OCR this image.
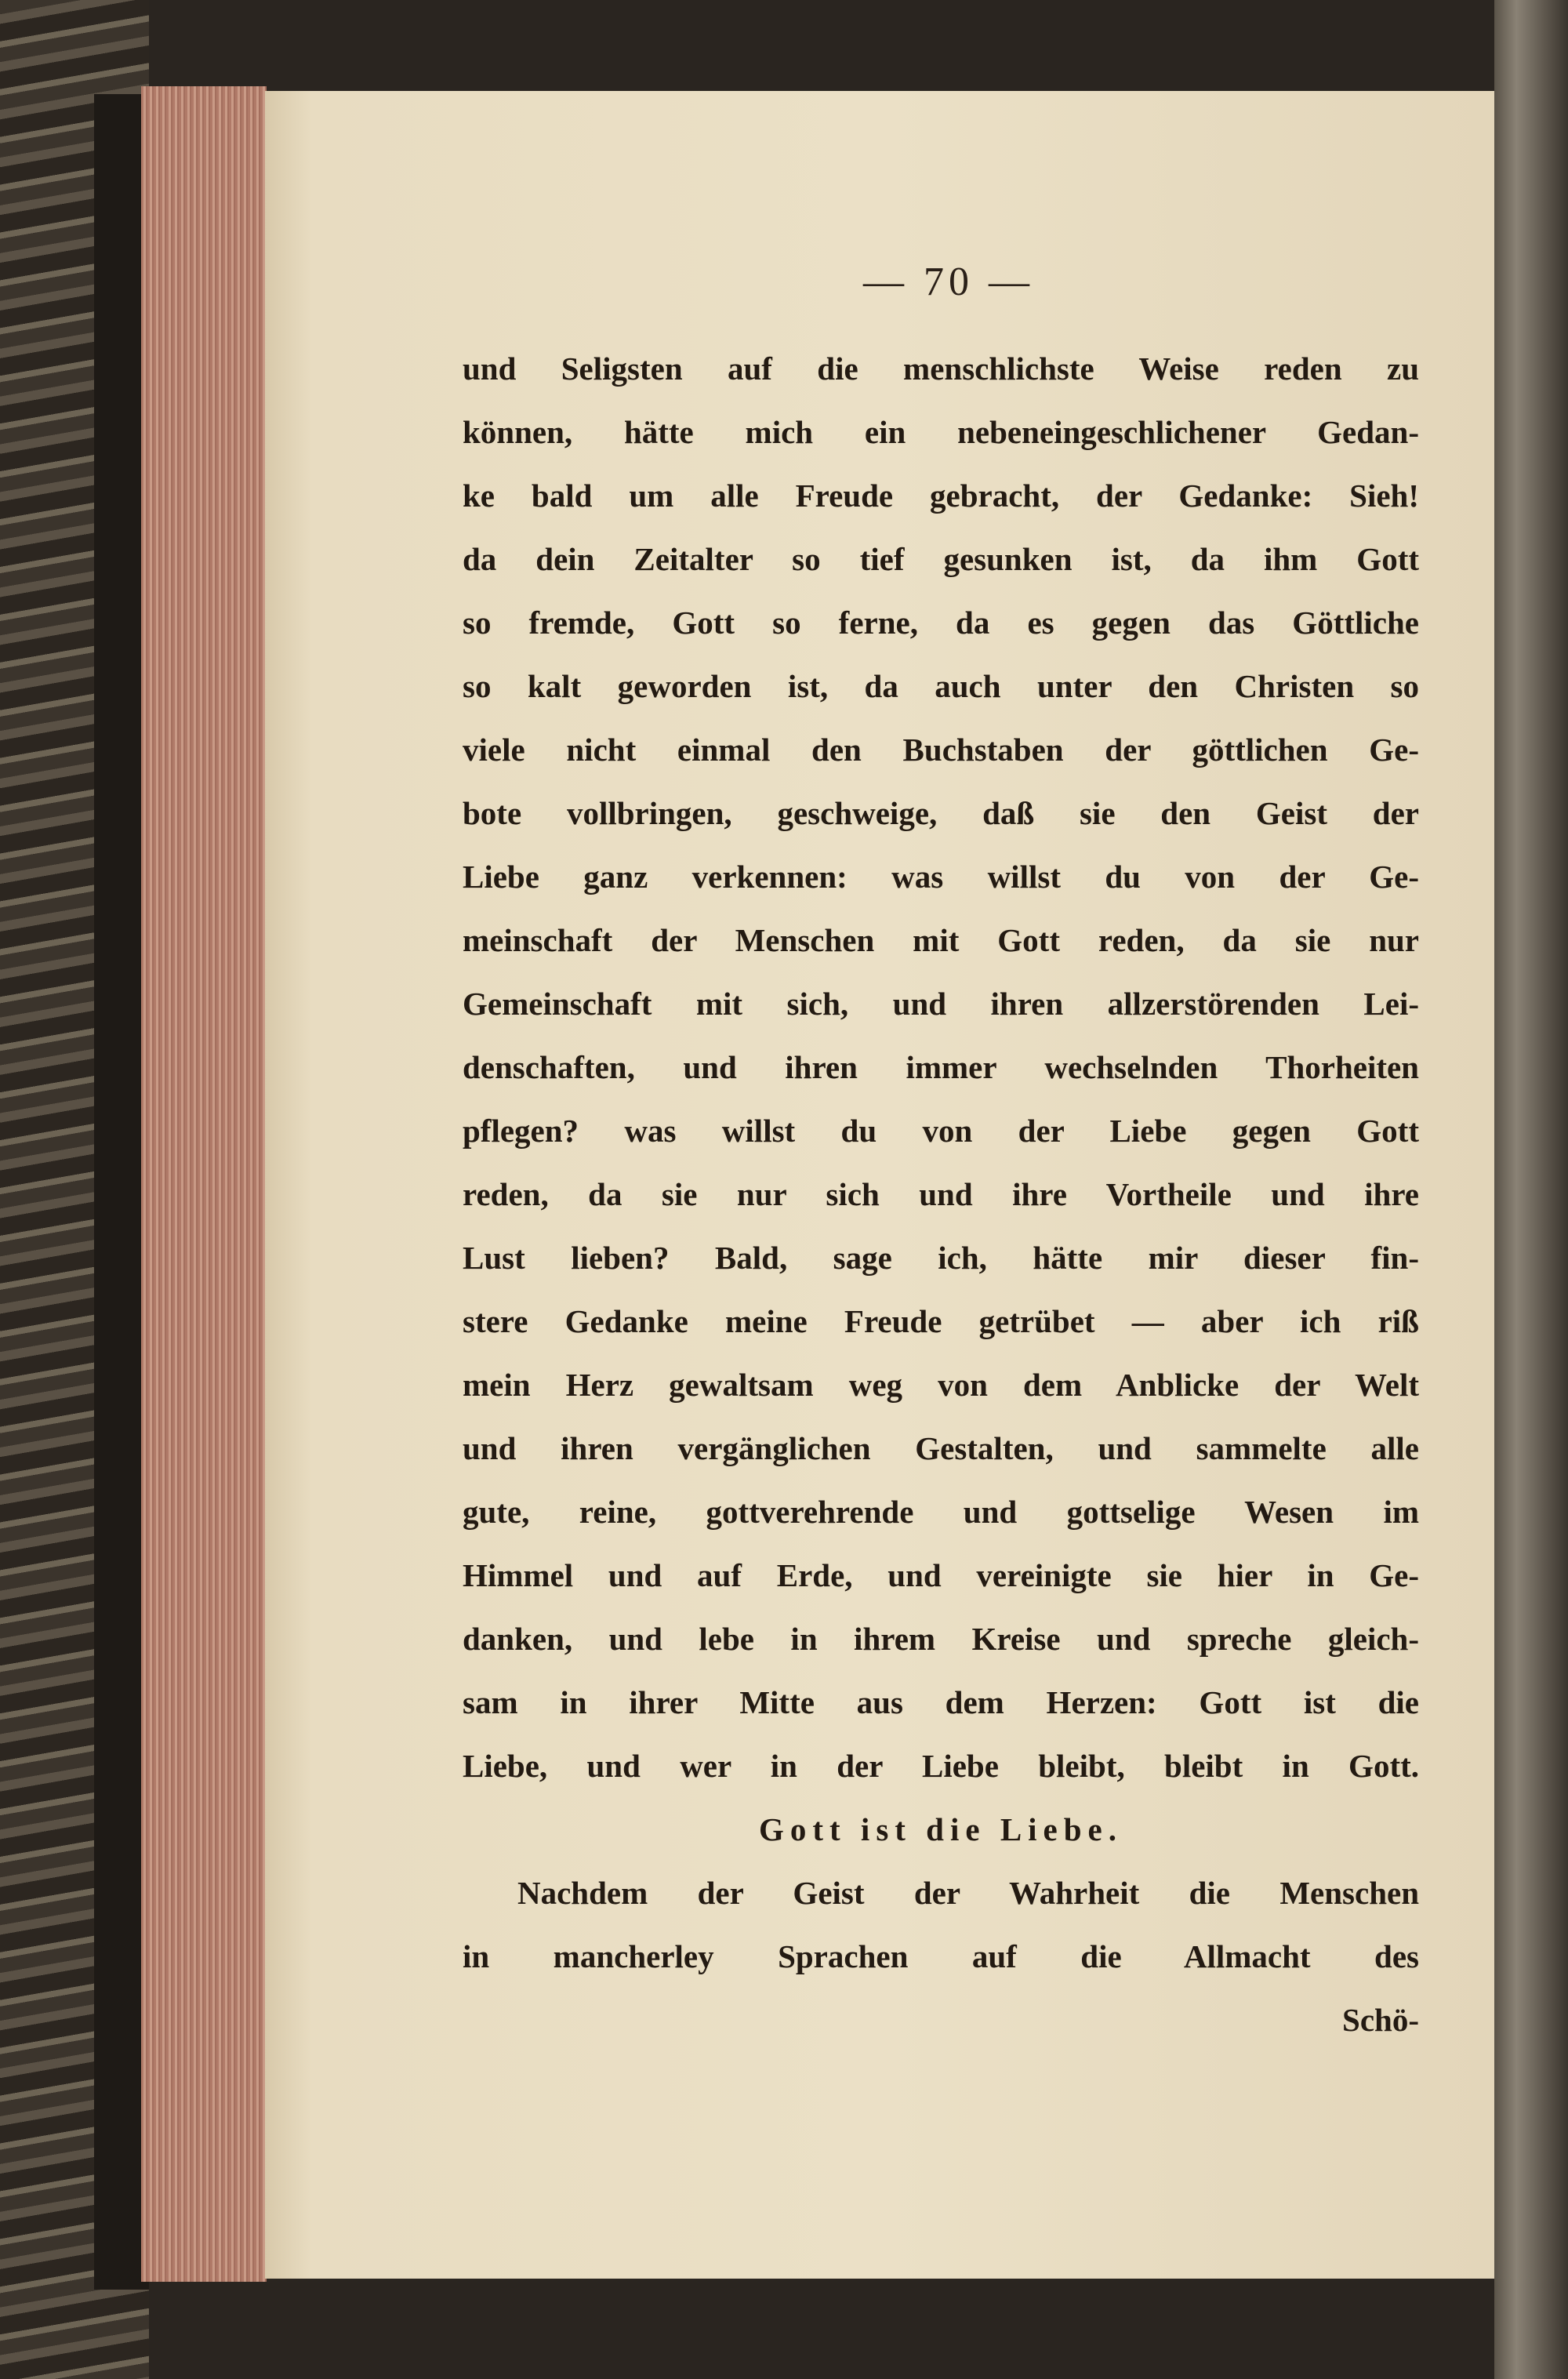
— 70 —
und Seligsten auf die menschlichste Weise reden zu
können, hätte mich ein nebeneingeschlichener Gedan-
ke bald um alle Freude gebracht, der Gedanke: Sieh!
da dein Zeitalter so tief gesunken ist, da ihm Gott
so fremde, Gott so ferne, da es gegen das Göttliche
so kalt geworden ist, da auch unter den Christen so
viele nicht einmal den Buchstaben der göttlichen Ge-
bote vollbringen, geschweige, daß sie den Geist der
Liebe ganz verkennen: was willst du von der Ge-
meinschaft der Menschen mit Gott reden, da sie nur
Gemeinschaft mit sich, und ihren allzerstörenden Lei-
denschaften, und ihren immer wechselnden Thorheiten
pflegen? was willst du von der Liebe gegen Gott
reden, da sie nur sich und ihre Vortheile und ihre
Lust lieben? Bald, sage ich, hätte mir dieser fin-
stere Gedanke meine Freude getrübet — aber ich riß
mein Herz gewaltsam weg von dem Anblicke der Welt
und ihren vergänglichen Gestalten, und sammelte alle
gute, reine, gottverehrende und gottselige Wesen im
Himmel und auf Erde, und vereinigte sie hier in Ge-
danken, und lebe in ihrem Kreise und spreche gleich-
sam in ihrer Mitte aus dem Herzen: Gott ist die
Liebe, und wer in der Liebe bleibt, bleibt in Gott.
Gott ist die Liebe.
Nachdem der Geist der Wahrheit die Menschen
in mancherley Sprachen auf die Allmacht des
Schö-
